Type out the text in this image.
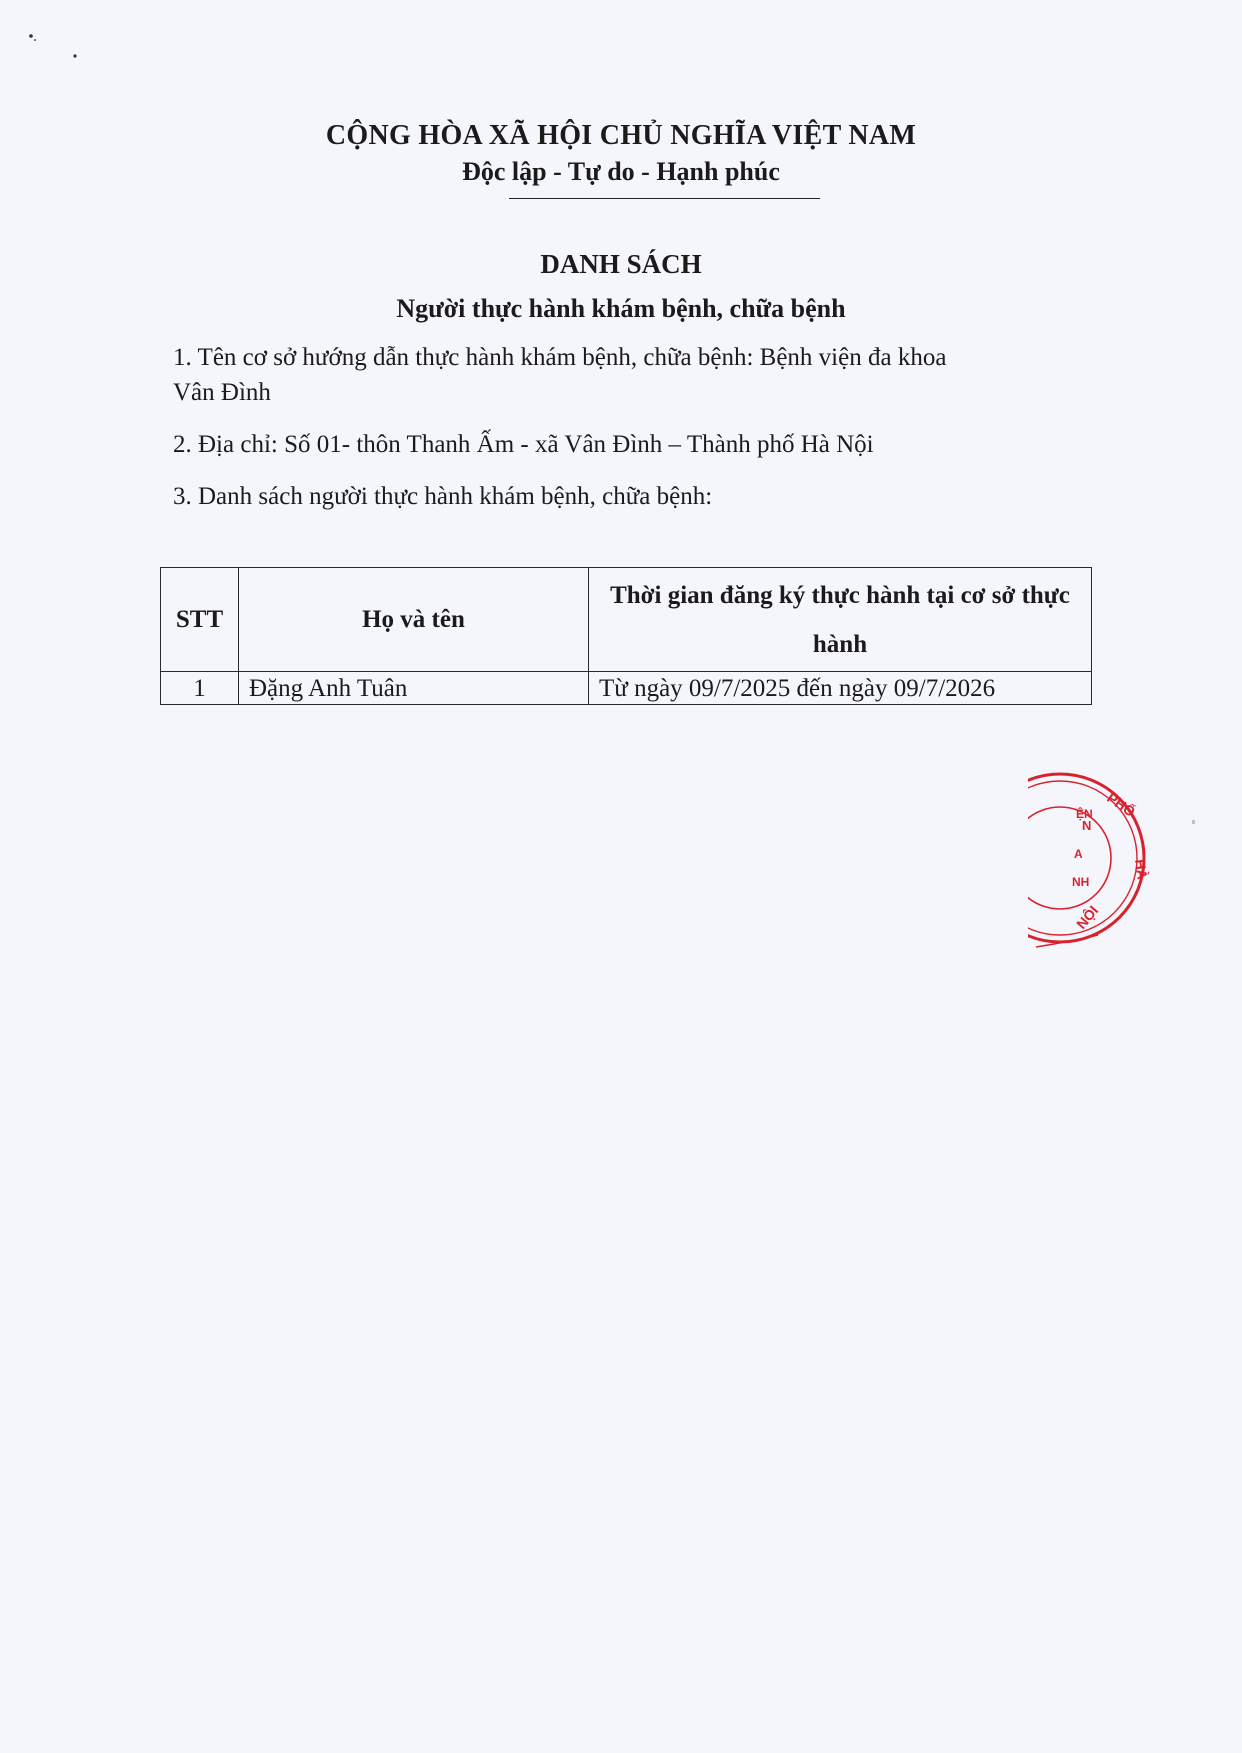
CỘNG HÒA XÃ HỘI CHỦ NGHĨA VIỆT NAM
Độc lập - Tự do - Hạnh phúc
DANH SÁCH
Người thực hành khám bệnh, chữa bệnh
1. Tên cơ sở hướng dẫn thực hành khám bệnh, chữa bệnh: Bệnh viện đa khoa
Vân Đình
2. Địa chỉ: Số 01- thôn Thanh Ấm - xã Vân Đình – Thành phố Hà Nội
3. Danh sách người thực hành khám bệnh, chữa bệnh:
STT	Họ và tên	Thời gian đăng ký thực hành tại cơ sở thực hành
1	Đặng Anh Tuân	Từ ngày 09/7/2025 đến ngày 09/7/2026
PHỐ
HÀ
NỘI
N
ỆN
A
NH
